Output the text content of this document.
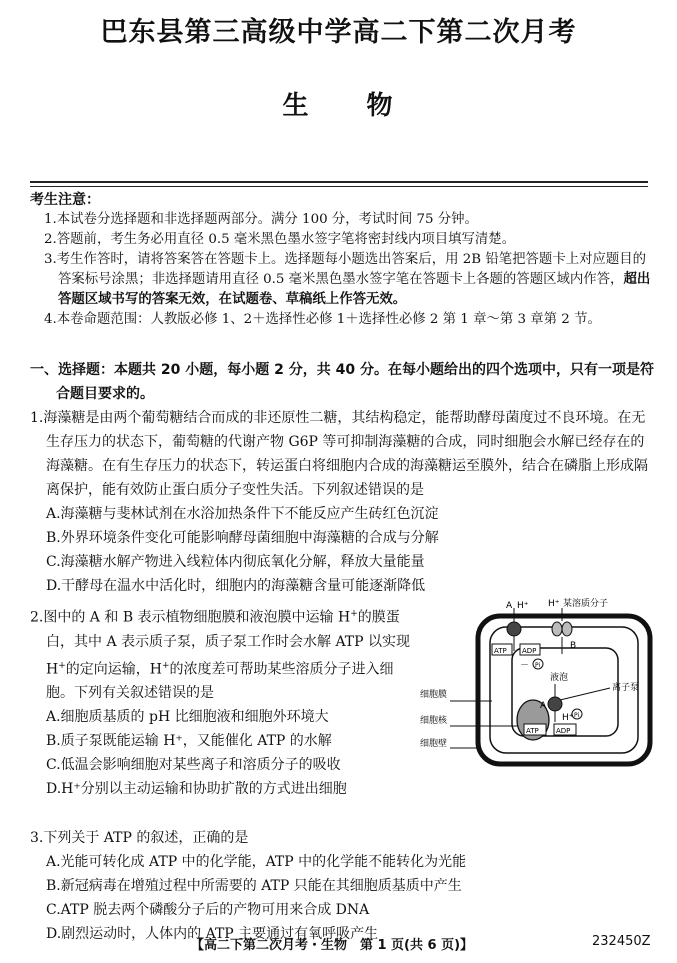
巴东县第三高级中学高二下第二次月考
生　　物
考生注意：
1.本试卷分选择题和非选择题两部分。满分 100 分，考试时间 75 分钟。
2.答题前，考生务必用直径 0.5 毫米黑色墨水签字笔将密封线内项目填写清楚。
3.考生作答时，请将答案答在答题卡上。选择题每小题选出答案后，用 2B 铅笔把答题卡上对应题目的答案标号涂黑；非选择题请用直径 0.5 毫米黑色墨水签字笔在答题卡上各题的答题区域内作答，超出答题区域书写的答案无效，在试题卷、草稿纸上作答无效。
4.本卷命题范围：人教版必修 1、2＋选择性必修 1＋选择性必修 2 第 1 章～第 3 章第 2 节。
一、选择题：本题共 20 小题，每小题 2 分，共 40 分。在每小题给出的四个选项中，只有一项是符
合题目要求的。
1.海藻糖是由两个葡萄糖结合而成的非还原性二糖，其结构稳定，能帮助酵母菌度过不良环境。在无生存压力的状态下，葡萄糖的代谢产物 G6P 等可抑制海藻糖的合成，同时细胞会水解已经存在的海藻糖。在有生存压力的状态下，转运蛋白将细胞内合成的海藻糖运至膜外，结合在磷脂上形成隔离保护，能有效防止蛋白质分子变性失活。下列叙述错误的是
A.海藻糖与斐林试剂在水浴加热条件下不能反应产生砖红色沉淀
B.外界环境条件变化可能影响酵母菌细胞中海藻糖的合成与分解
C.海藻糖水解产物进入线粒体内彻底氧化分解，释放大量能量
D.干酵母在温水中活化时，细胞内的海藻糖含量可能逐渐降低
2.图中的 A 和 B 表示植物细胞膜和液泡膜中运输 H+的膜蛋白，其中 A 表示质子泵，质子泵工作时会水解 ATP 以实现 H+的定向运输，H+的浓度差可帮助某些溶质分子进入细胞。下列有关叙述错误的是
A.细胞质基质的 pH 比细胞液和细胞外环境大
B.质子泵既能运输 H⁺，又能催化 ATP 的水解
C.低温会影响细胞对某些离子和溶质分子的吸收
D.H⁺分别以主动运输和协助扩散的方式进出细胞
A H⁺ H⁺ 某溶质分子
B
ATP ADP
Pi
－
液泡
离子泵
细胞膜
细胞核
细胞壁
A
H⁺
ATP ADP
Pi
3.下列关于 ATP 的叙述，正确的是
A.光能可转化成 ATP 中的化学能，ATP 中的化学能不能转化为光能
B.新冠病毒在增殖过程中所需要的 ATP 只能在其细胞质基质中产生
C.ATP 脱去两个磷酸分子后的产物可用来合成 DNA
D.剧烈运动时，人体内的 ATP 主要通过有氧呼吸产生
【高二下第二次月考・生物　第 1 页(共 6 页)】	232450Z
